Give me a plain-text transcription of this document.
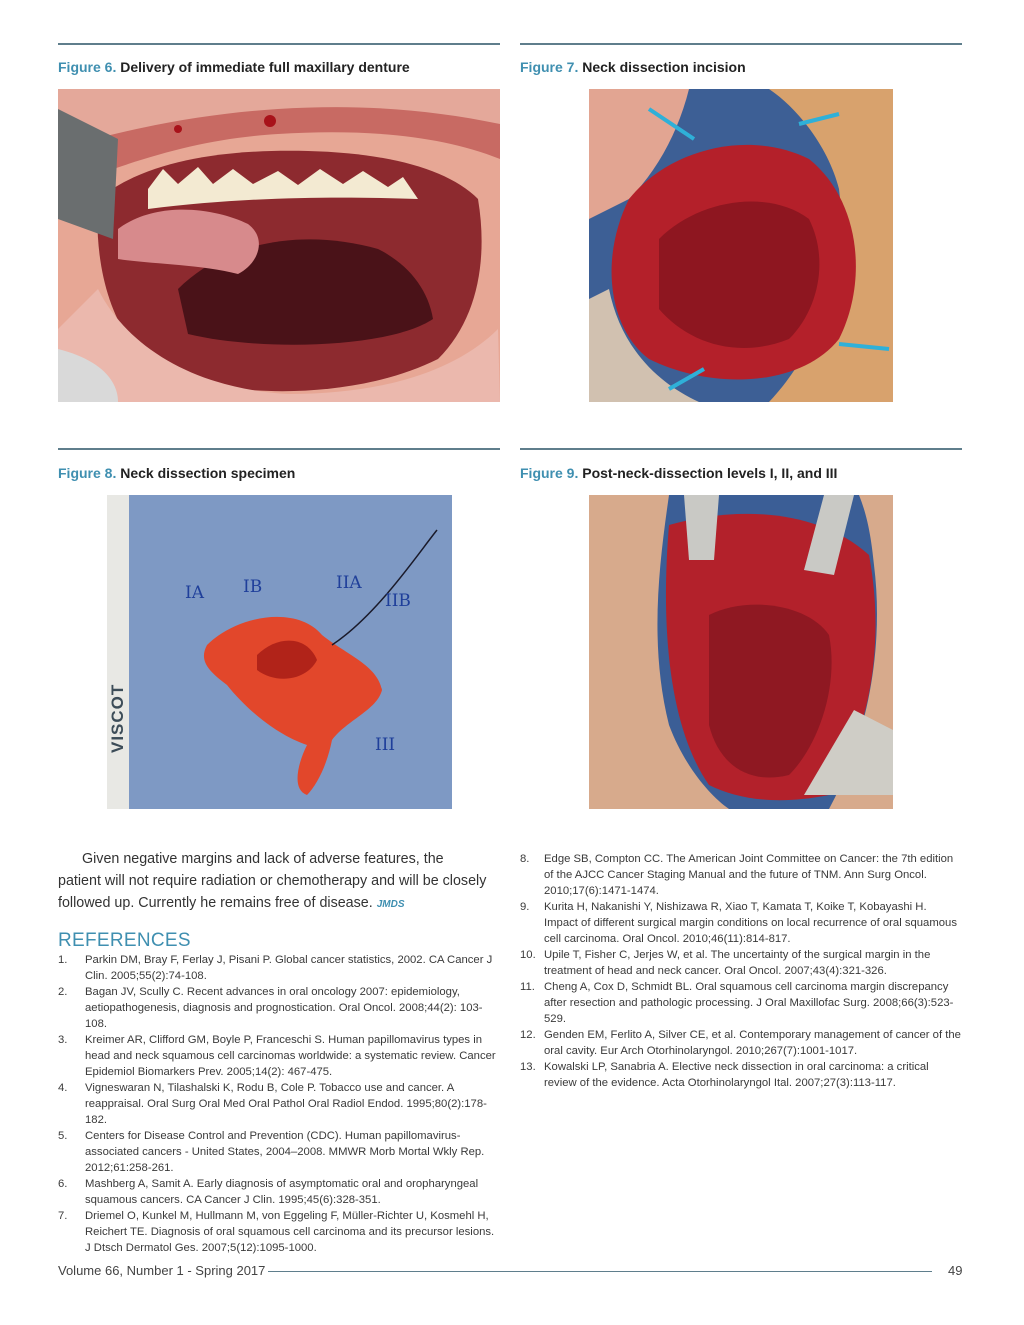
Figure 6. Delivery of immediate full maxillary denture	Figure 7. Neck dissection incision
Figure 8. Neck dissection specimen
VISCOT
IA IB	IIA
IIB
III
Figure 9. Post-neck-dissection levels I, II, and III
Given negative margins and lack of adverse features, the patient will not require radiation or chemotherapy and will be closely followed up. Currently he remains free of disease. JMDS
REFERENCES
1. Parkin DM, Bray F, Ferlay J, Pisani P. Global cancer statistics, 2002. CA Cancer J Clin. 2005;55(2):74-108.
2. Bagan JV, Scully C. Recent advances in oral oncology 2007: epidemiology, aetiopathogenesis, diagnosis and prognostication. Oral Oncol. 2008;44(2): 103-108.
3. Kreimer AR, Clifford GM, Boyle P, Franceschi S. Human papillomavirus types in head and neck squamous cell carcinomas worldwide: a systematic review. Cancer Epidemiol Biomarkers Prev. 2005;14(2): 467-475.
4. Vigneswaran N, Tilashalski K, Rodu B, Cole P. Tobacco use and cancer. A reappraisal. Oral Surg Oral Med Oral Pathol Oral Radiol Endod. 1995;80(2):178-182.
5. Centers for Disease Control and Prevention (CDC). Human papillomavirus-associated cancers - United States, 2004–2008. MMWR Morb Mortal Wkly Rep. 2012;61:258-261.
6. Mashberg A, Samit A. Early diagnosis of asymptomatic oral and oropharyngeal squamous cancers. CA Cancer J Clin. 1995;45(6):328-351.
7. Driemel O, Kunkel M, Hullmann M, von Eggeling F, Müller-Richter U, Kosmehl H, Reichert TE. Diagnosis of oral squamous cell carcinoma and its precursor lesions. J Dtsch Dermatol Ges. 2007;5(12):1095-1000.
8. Edge SB, Compton CC. The American Joint Committee on Cancer: the 7th edition of the AJCC Cancer Staging Manual and the future of TNM. Ann Surg Oncol. 2010;17(6):1471-1474.
9. Kurita H, Nakanishi Y, Nishizawa R, Xiao T, Kamata T, Koike T, Kobayashi H. Impact of different surgical margin conditions on local recurrence of oral squamous cell carcinoma. Oral Oncol. 2010;46(11):814-817.
10. Upile T, Fisher C, Jerjes W, et al. The uncertainty of the surgical margin in the treatment of head and neck cancer. Oral Oncol. 2007;43(4):321-326.
11. Cheng A, Cox D, Schmidt BL. Oral squamous cell carcinoma margin discrepancy after resection and pathologic processing. J Oral Maxillofac Surg. 2008;66(3):523-529.
12. Genden EM, Ferlito A, Silver CE, et al. Contemporary management of cancer of the oral cavity. Eur Arch Otorhinolaryngol. 2010;267(7):1001-1017.
13. Kowalski LP, Sanabria A. Elective neck dissection in oral carcinoma: a critical review of the evidence. Acta Otorhinolaryngol Ital. 2007;27(3):113-117.
Volume 66, Number 1 - Spring 2017	49
